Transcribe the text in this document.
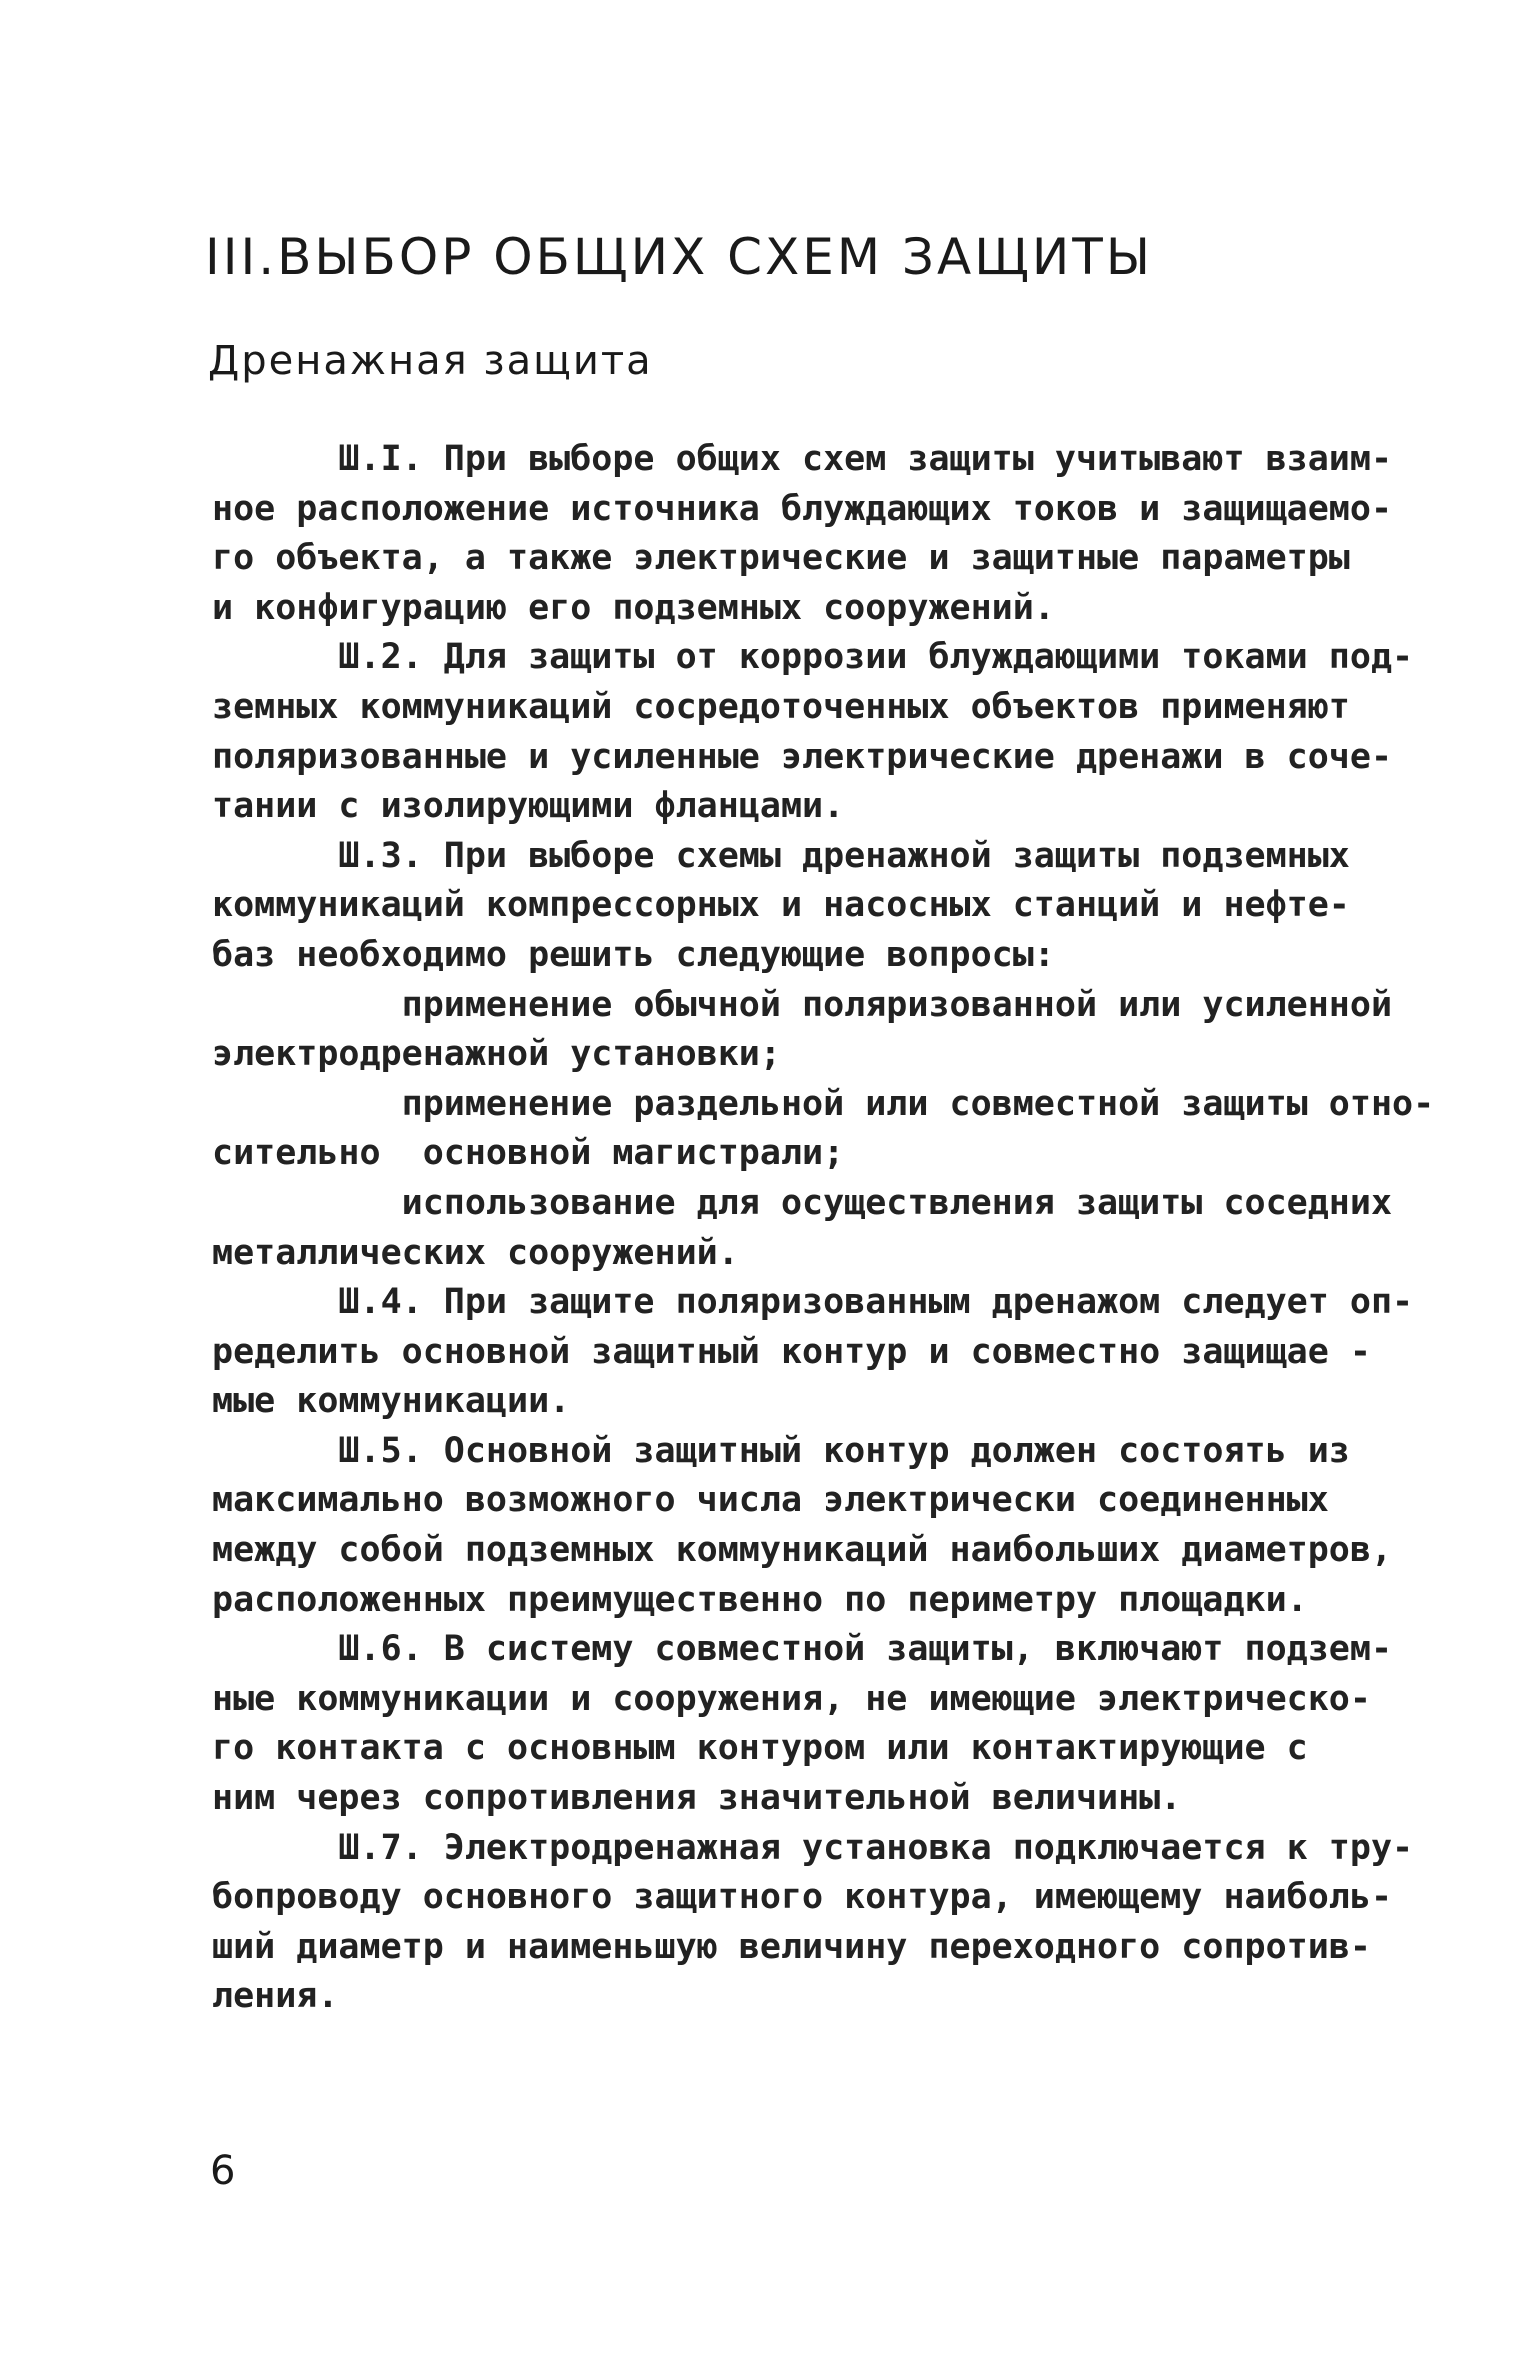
III.ВЫБОР ОБЩИХ СХЕМ ЗАЩИТЫ
Дренажная защита
Ш.I. При выборе общих схем защиты учитывают взаим-
ное расположение источника блуждающих токов и защищаемо-
го объекта, а также электрические и защитные параметры
и конфигурацию его подземных сооружений.
Ш.2. Для защиты от коррозии блуждающими токами под-
земных коммуникаций сосредоточенных объектов применяют
поляризованные и усиленные электрические дренажи в соче-
тании с изолирующими фланцами.
Ш.3. При выборе схемы дренажной защиты подземных
коммуникаций компрессорных и насосных станций и нефте-
баз необходимо решить следующие вопросы:
применение обычной поляризованной или усиленной
электродренажной установки;
применение раздельной или совместной защиты отно-
сительно  основной магистрали;
использование для осуществления защиты соседних
металлических сооружений.
Ш.4. При защите поляризованным дренажом следует оп-
ределить основной защитный контур и совместно защищае -
мые коммуникации.
Ш.5. Основной защитный контур должен состоять из
максимально возможного числа электрически соединенных
между собой подземных коммуникаций наибольших диаметров,
расположенных преимущественно по периметру площадки.
Ш.6. В систему совместной защиты, включают подзем-
ные коммуникации и сооружения, не имеющие электрическо-
го контакта с основным контуром или контактирующие с
ним через сопротивления значительной величины.
Ш.7. Электродренажная установка подключается к тру-
бопроводу основного защитного контура, имеющему наиболь-
ший диаметр и наименьшую величину переходного сопротив-
ления.
6
